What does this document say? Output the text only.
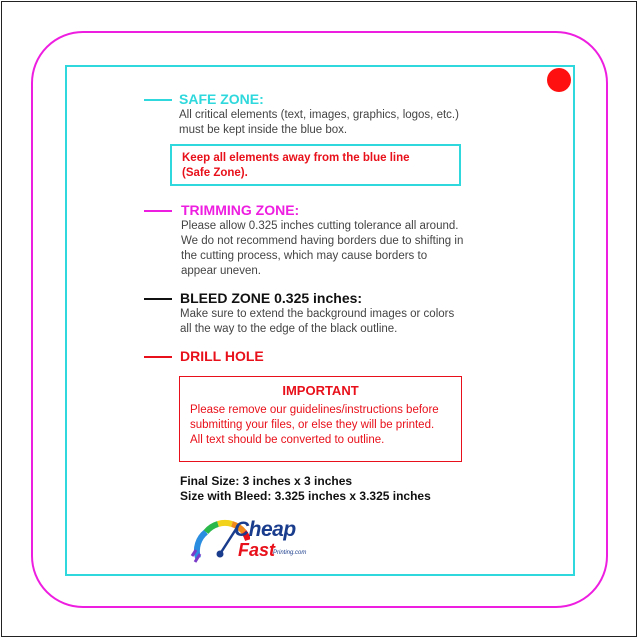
SAFE ZONE:
All critical elements (text, images, graphics, logos, etc.)
must be kept inside the blue box.
Keep all elements away from the blue line
(Safe Zone).
TRIMMING ZONE:
Please allow 0.325 inches cutting tolerance all around.
We do not recommend having borders due to shifting in
the cutting process, which may cause borders to
appear uneven.
BLEED ZONE 0.325 inches:
Make sure to extend the background images or colors
all the way to the edge of the black outline.
DRILL HOLE
IMPORTANT
Please remove our guidelines/instructions before
submitting your files, or else they will be printed.
All text should be converted to outline.
Final Size: 3 inches x 3 inches
Size with Bleed: 3.325 inches x 3.325 inches
Cheap
Fast
Printing.com
